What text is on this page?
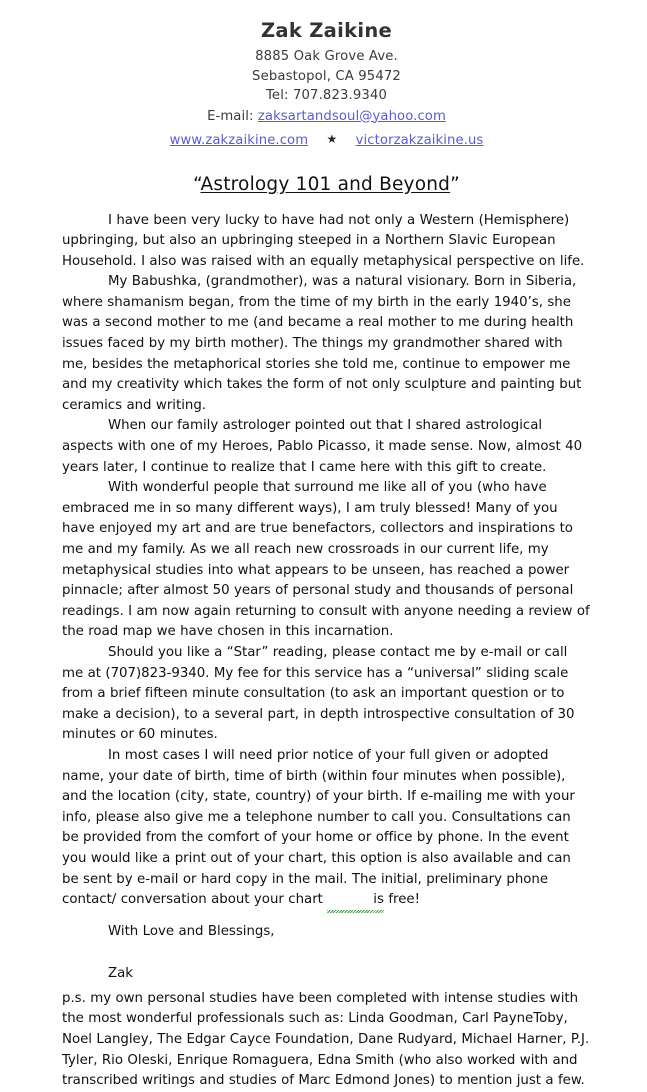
Zak Zaikine
8885 Oak Grove Ave.
Sebastopol, CA 95472
Tel: 707.823.9340
E-mail: zaksartandsoul@yahoo.com
www.zakzaikine.com ★ victorzakzaikine.us
“Astrology 101 and Beyond”

I have been very lucky to have had not only a Western (Hemisphere) upbringing, but also an upbringing steeped in a Northern Slavic European Household. I also was raised with an equally metaphysical perspective on life.

My Babushka, (grandmother), was a natural visionary. Born in Siberia, where shamanism began, from the time of my birth in the early 1940’s, she was a second mother to me (and became a real mother to me during health issues faced by my birth mother). The things my grandmother shared with me, besides the metaphorical stories she told me, continue to empower me and my creativity which takes the form of not only sculpture and painting but ceramics and writing.

When our family astrologer pointed out that I shared astrological aspects with one of my Heroes, Pablo Picasso, it made sense. Now, almost 40 years later, I continue to realize that I came here with this gift to create.

With wonderful people that surround me like all of you (who have embraced me in so many different ways), I am truly blessed! Many of you have enjoyed my art and are true benefactors, collectors and inspirations to me and my family. As we all reach new crossroads in our current life, my metaphysical studies into what appears to be unseen, has reached a power pinnacle; after almost 50 years of personal study and thousands of personal readings. I am now again returning to consult with anyone needing a review of the road map we have chosen in this incarnation.

Should you like a “Star” reading, please contact me by e-mail or call me at (707)823-9340. My fee for this service has a “universal” sliding scale from a brief fifteen minute consultation (to ask an important question or to make a decision), to a several part, in depth introspective consultation of 30 minutes or 60 minutes.

In most cases I will need prior notice of your full given or adopted name, your date of birth, time of birth (within four minutes when possible), and the location (city, state, country) of your birth. If e-mailing me with your info, please also give me a telephone number to call you. Consultations can be provided from the comfort of your home or office by phone. In the event you would like a print out of your chart, this option is also available and can be sent by e-mail or hard copy in the mail. The initial, preliminary phone contact/ conversation about your chart	is free!

With Love and Blessings,

Zak

p.s. my own personal studies have been completed with intense studies with the most wonderful professionals such as: Linda Goodman, Carl PayneToby, Noel Langley, The Edgar Cayce Foundation, Dane Rudyard, Michael Harner, P.J. Tyler, Rio Oleski, Enrique Romaguera, Edna Smith (who also worked with and transcribed writings and studies of Marc Edmond Jones) to mention just a few.
